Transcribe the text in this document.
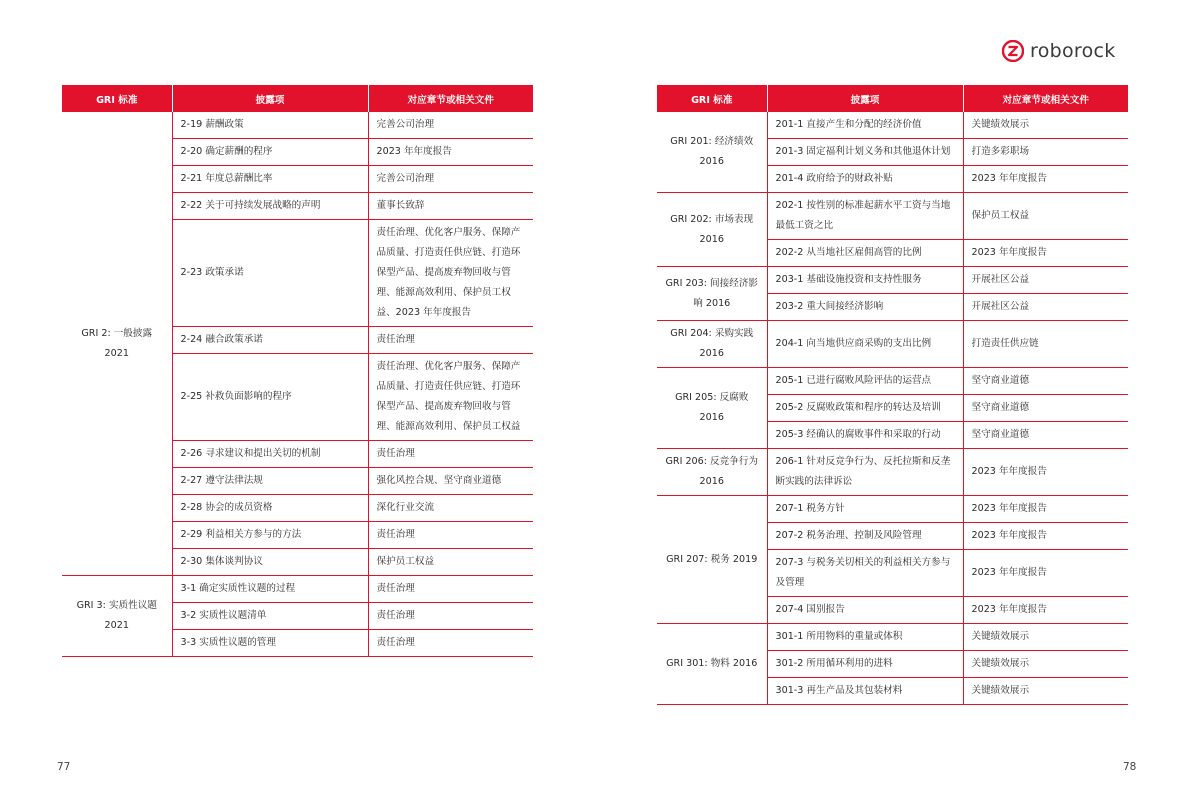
roborock
GRI 标准	披露项	对应章节或相关文件
GRI 2: 一般披露 2021	2-19 薪酬政策	完善公司治理
	2-20 确定薪酬的程序	2023 年年度报告
	2-21 年度总薪酬比率	完善公司治理
	2-22 关于可持续发展战略的声明	董事长致辞
	2-23 政策承诺	责任治理、优化客户服务、保障产品质量、打造责任供应链、打造环保型产品、提高废弃物回收与管理、能源高效利用、保护员工权益、2023 年年度报告
	2-24 融合政策承诺	责任治理
	2-25 补救负面影响的程序	责任治理、优化客户服务、保障产品质量、打造责任供应链、打造环保型产品、提高废弃物回收与管理、能源高效利用、保护员工权益
	2-26 寻求建议和提出关切的机制	责任治理
	2-27 遵守法律法规	强化风控合规、坚守商业道德
	2-28 协会的成员资格	深化行业交流
	2-29 利益相关方参与的方法	责任治理
	2-30 集体谈判协议	保护员工权益
GRI 3: 实质性议题 2021	3-1 确定实质性议题的过程	责任治理
	3-2 实质性议题清单	责任治理
	3-3 实质性议题的管理	责任治理
GRI 标准	披露项	对应章节或相关文件
GRI 201: 经济绩效 2016	201-1 直接产生和分配的经济价值	关键绩效展示
	201-3 固定福利计划义务和其他退休计划	打造多彩职场
	201-4 政府给予的财政补贴	2023 年年度报告
GRI 202: 市场表现 2016	202-1 按性别的标准起薪水平工资与当地最低工资之比	保护员工权益
	202-2 从当地社区雇佣高管的比例	2023 年年度报告
GRI 203: 间接经济影响 2016	203-1 基础设施投资和支持性服务	开展社区公益
	203-2 重大间接经济影响	开展社区公益
GRI 204: 采购实践 2016	204-1 向当地供应商采购的支出比例	打造责任供应链
GRI 205: 反腐败 2016	205-1 已进行腐败风险评估的运营点	坚守商业道德
	205-2 反腐败政策和程序的转达及培训	坚守商业道德
	205-3 经确认的腐败事件和采取的行动	坚守商业道德
GRI 206: 反竞争行为 2016	206-1 针对反竞争行为、反托拉斯和反垄断实践的法律诉讼	2023 年年度报告
GRI 207: 税务 2019	207-1 税务方针	2023 年年度报告
	207-2 税务治理、控制及风险管理	2023 年年度报告
	207-3 与税务关切相关的利益相关方参与及管理	2023 年年度报告
	207-4 国别报告	2023 年年度报告
GRI 301: 物料 2016	301-1 所用物料的重量或体积	关键绩效展示
	301-2 所用循环利用的进料	关键绩效展示
	301-3 再生产品及其包装材料	关键绩效展示
77	78
